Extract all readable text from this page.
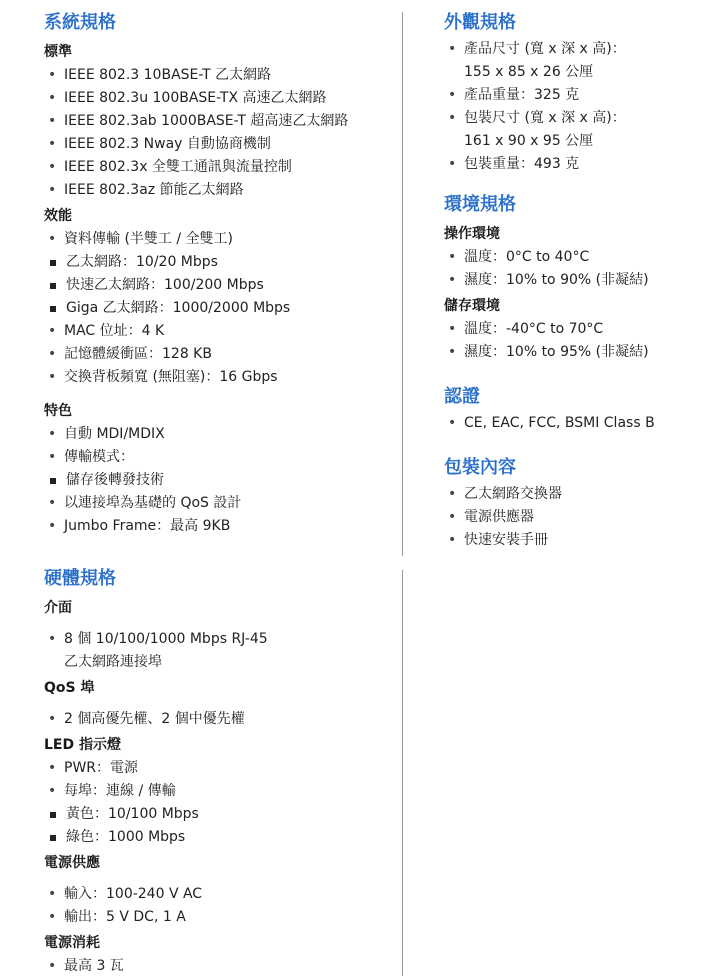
系統規格
標準
• IEEE 802.3 10BASE-T 乙太網路
• IEEE 802.3u 100BASE-TX 高速乙太網路
• IEEE 802.3ab 1000BASE-T 超高速乙太網路
• IEEE 802.3 Nway 自動協商機制
• IEEE 802.3x 全雙工通訊與流量控制
• IEEE 802.3az 節能乙太網路
效能
• 資料傳輸 (半雙工 / 全雙工)
乙太網路：10/20 Mbps
快速乙太網路：100/200 Mbps
Giga 乙太網路：1000/2000 Mbps
• MAC 位址：4 K
• 記憶體緩衝區：128 KB
• 交換背板頻寬 (無阻塞)：16 Gbps
特色
• 自動 MDI/MDIX
• 傳輸模式：
儲存後轉發技術
• 以連接埠為基礎的 QoS 設計
• Jumbo Frame：最高 9KB
硬體規格
介面
• 8 個 10/100/1000 Mbps RJ-45
乙太網路連接埠
QoS 埠
• 2 個高優先權、2 個中優先權
LED 指示燈
• PWR：電源
• 每埠：連線 / 傳輸
黃色：10/100 Mbps
綠色：1000 Mbps
電源供應
• 輸入：100-240 V AC
• 輸出：5 V DC, 1 A
電源消耗
• 最高 3 瓦
外觀規格
• 產品尺寸 (寬 x 深 x 高)：
155 x 85 x 26 公厘
• 產品重量：325 克
• 包裝尺寸 (寬 x 深 x 高)：
161 x 90 x 95 公厘
• 包裝重量：493 克
環境規格
操作環境
• 溫度：0°C to 40°C
• 濕度：10% to 90% (非凝結)
儲存環境
• 溫度：-40°C to 70°C
• 濕度：10% to 95% (非凝結)
認證
• CE, EAC, FCC, BSMI Class B
包裝內容
• 乙太網路交換器
• 電源供應器
• 快速安裝手冊
